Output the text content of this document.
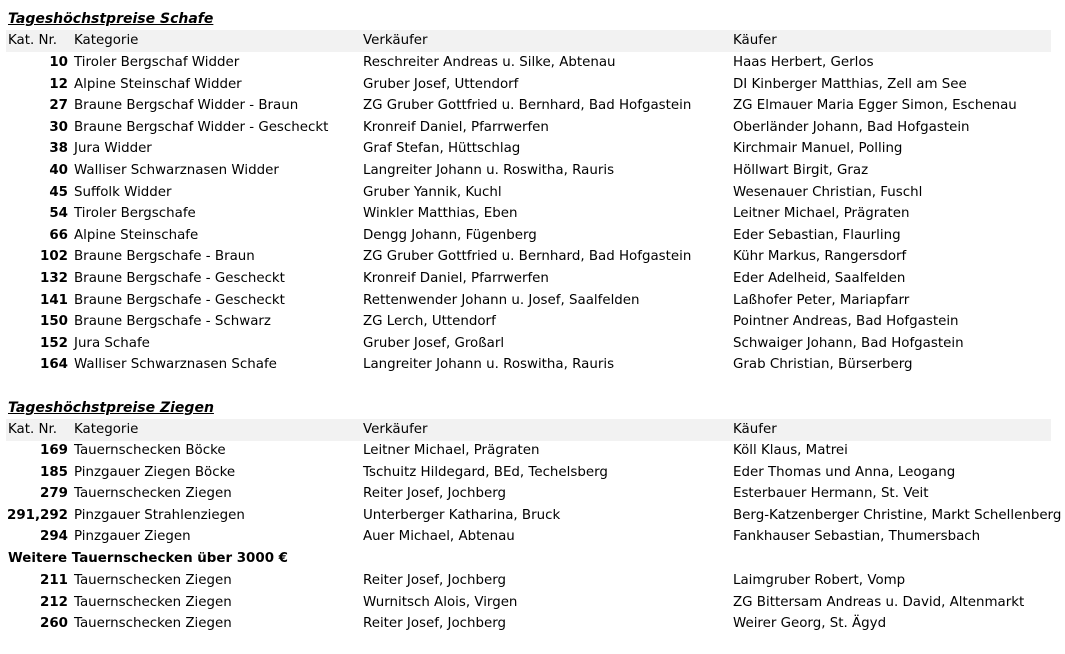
Tageshöchstpreise Schafe
Kat. Nr. Kategorie	Verkäufer	Käufer
10 Tiroler Bergschaf Widder	Reschreiter Andreas u. Silke, Abtenau	Haas Herbert, Gerlos
12 Alpine Steinschaf Widder	Gruber Josef, Uttendorf	DI Kinberger Matthias, Zell am See
27 Braune Bergschaf Widder - Braun	ZG Gruber Gottfried u. Bernhard, Bad Hofgastein	ZG Elmauer Maria Egger Simon, Eschenau
30 Braune Bergschaf Widder - Gescheckt	Kronreif Daniel, Pfarrwerfen	Oberländer Johann, Bad Hofgastein
38 Jura Widder	Graf Stefan, Hüttschlag	Kirchmair Manuel, Polling
40 Walliser Schwarznasen Widder	Langreiter Johann u. Roswitha, Rauris	Höllwart Birgit, Graz
45 Suffolk Widder	Gruber Yannik, Kuchl	Wesenauer Christian, Fuschl
54 Tiroler Bergschafe	Winkler Matthias, Eben	Leitner Michael, Prägraten
66 Alpine Steinschafe	Dengg Johann, Fügenberg	Eder Sebastian, Flaurling
102 Braune Bergschafe - Braun	ZG Gruber Gottfried u. Bernhard, Bad Hofgastein	Kühr Markus, Rangersdorf
132 Braune Bergschafe - Gescheckt	Kronreif Daniel, Pfarrwerfen	Eder Adelheid, Saalfelden
141 Braune Bergschafe - Gescheckt	Rettenwender Johann u. Josef, Saalfelden	Laßhofer Peter, Mariapfarr
150 Braune Bergschafe - Schwarz	ZG Lerch, Uttendorf	Pointner Andreas, Bad Hofgastein
152 Jura Schafe	Gruber Josef, Großarl	Schwaiger Johann, Bad Hofgastein
164 Walliser Schwarznasen Schafe	Langreiter Johann u. Roswitha, Rauris	Grab Christian, Bürserberg
Tageshöchstpreise Ziegen
Kat. Nr. Kategorie	Verkäufer	Käufer
169 Tauernschecken Böcke	Leitner Michael, Prägraten	Köll Klaus, Matrei
185 Pinzgauer Ziegen Böcke	Tschuitz Hildegard, BEd, Techelsberg	Eder Thomas und Anna, Leogang
279 Tauernschecken Ziegen	Reiter Josef, Jochberg	Esterbauer Hermann, St. Veit
291,292 Pinzgauer Strahlenziegen	Unterberger Katharina, Bruck	Berg-Katzenberger Christine, Markt Schellenberg
294 Pinzgauer Ziegen	Auer Michael, Abtenau	Fankhauser Sebastian, Thumersbach
Weitere Tauernschecken über 3000 €
211 Tauernschecken Ziegen	Reiter Josef, Jochberg	Laimgruber Robert, Vomp
212 Tauernschecken Ziegen	Wurnitsch Alois, Virgen	ZG Bittersam Andreas u. David, Altenmarkt
260 Tauernschecken Ziegen	Reiter Josef, Jochberg	Weirer Georg, St. Ägyd
